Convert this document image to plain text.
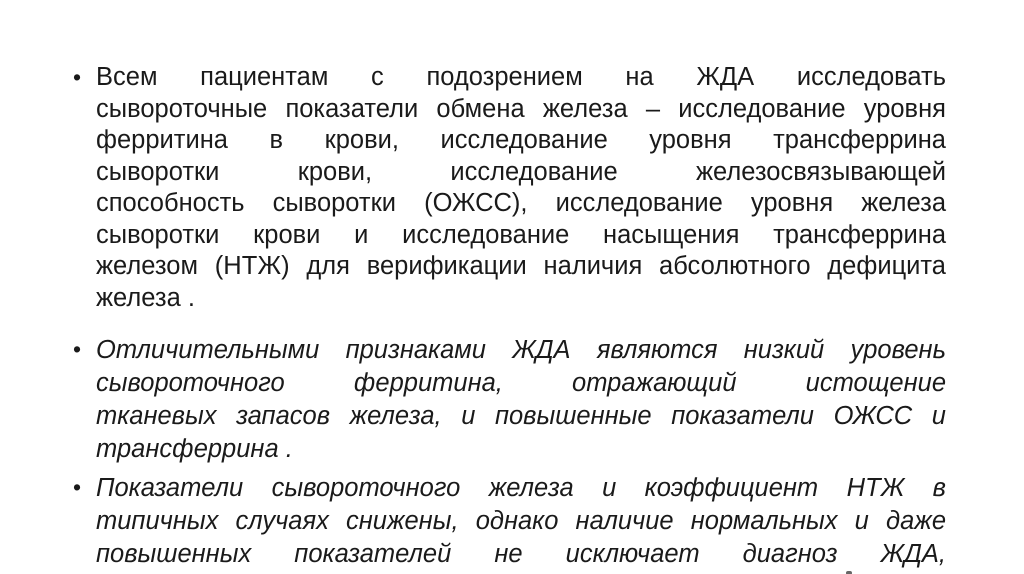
• Всем пациентам с подозрением на ЖДА исследовать
сывороточные показатели обмена железа – исследование уровня
ферритина в крови, исследование уровня трансферрина
сыворотки крови, исследование железосвязывающей
способность сыворотки (ОЖСС), исследование уровня железа
сыворотки крови и исследование насыщения трансферрина
железом (НТЖ) для верификации наличия абсолютного дефицита
железа .
• Отличительными признаками ЖДА являются низкий уровень
сывороточного ферритина, отражающий истощение
тканевых запасов железа, и повышенные показатели ОЖСС и
трансферрина .
• Показатели сывороточного железа и коэффициент НТЖ в
типичных случаях снижены, однако наличие нормальных и даже
повышенных показателей не исключает диагноз ЖДА,
